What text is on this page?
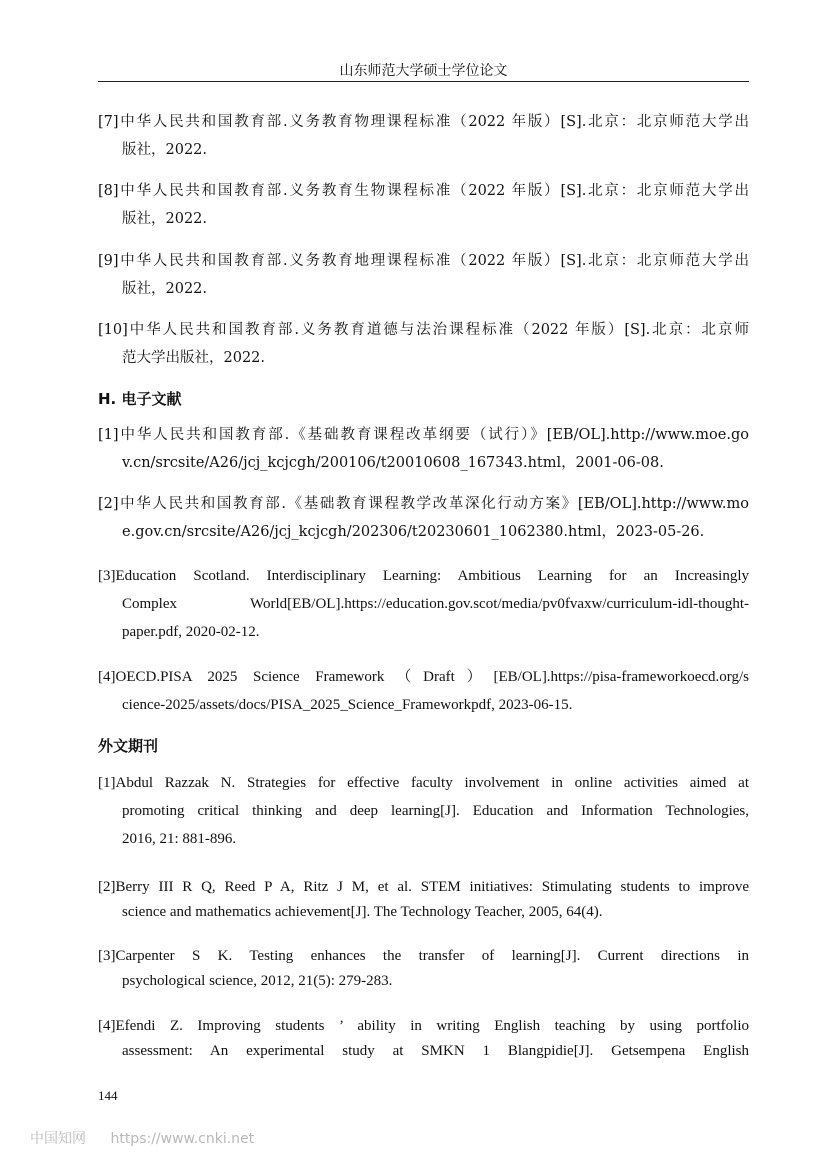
山东师范大学硕士学位论文
[7]中华人民共和国教育部.义务教育物理课程标准（2022 年版）[S].北京：北京师范大学出
版社，2022.
[8]中华人民共和国教育部.义务教育生物课程标准（2022 年版）[S].北京：北京师范大学出
版社，2022.
[9]中华人民共和国教育部.义务教育地理课程标准（2022 年版）[S].北京：北京师范大学出
版社，2022.
[10]中华人民共和国教育部.义务教育道德与法治课程标准（2022 年版）[S].北京：北京师
范大学出版社，2022.
H. 电子文献
[1]中华人民共和国教育部.《基础教育课程改革纲要（试行）》[EB/OL].http://www.moe.go
v.cn/srcsite/A26/jcj_kcjcgh/200106/t20010608_167343.html，2001-06-08.
[2]中华人民共和国教育部.《基础教育课程教学改革深化行动方案》[EB/OL].http://www.mo
e.gov.cn/srcsite/A26/jcj_kcjcgh/202306/t20230601_1062380.html，2023-05-26.
[3]Education Scotland. Interdisciplinary Learning: Ambitious Learning for an Increasingly
Complex World[EB/OL].https://education.gov.scot/media/pv0fvaxw/curriculum-idl-thought-
paper.pdf, 2020-02-12.
[4]OECD.PISA 2025 Science Framework（Draft）[EB/OL].https://pisa-frameworkoecd.org/s
cience-2025/assets/docs/PISA_2025_Science_Frameworkpdf, 2023-06-15.
外文期刊
[1]Abdul Razzak N. Strategies for effective faculty involvement in online activities aimed at
promoting critical thinking and deep learning[J]. Education and Information Technologies,
2016, 21: 881-896.
[2]Berry III R Q, Reed P A, Ritz J M, et al. STEM initiatives: Stimulating students to improve
science and mathematics achievement[J]. The Technology Teacher, 2005, 64(4).
[3]Carpenter S K. Testing enhances the transfer of learning[J]. Current directions in
psychological science, 2012, 21(5): 279-283.
[4]Efendi Z. Improving students ’ ability in writing English teaching by using portfolio
assessment: An experimental study at SMKN 1 Blangpidie[J]. Getsempena English
144
中国知网 https://www.cnki.net
